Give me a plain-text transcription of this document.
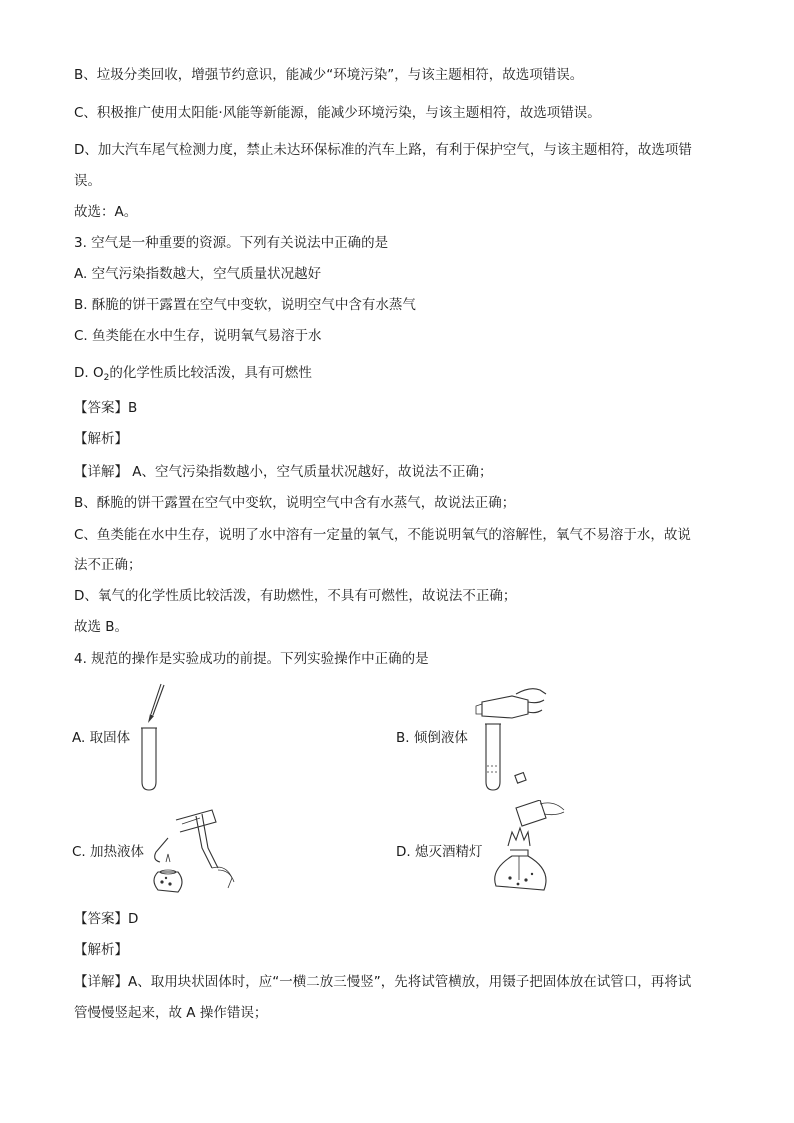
B、垃圾分类回收，增强节约意识，能减少“环境污染”，与该主题相符，故选项错误。
C、积极推广使用太阳能·风能等新能源，能减少环境污染，与该主题相符，故选项错误。
D、加大汽车尾气检测力度，禁止未达环保标准的汽车上路，有利于保护空气，与该主题相符，故选项错
误。
故选：A。
3. 空气是一种重要的资源。下列有关说法中正确的是
A. 空气污染指数越大，空气质量状况越好
B. 酥脆的饼干露置在空气中变软，说明空气中含有水蒸气
C. 鱼类能在水中生存，说明氧气易溶于水
D. $O_2$的化学性质比较活泼，具有可燃性
【答案】B
【解析】
【详解】 A、空气污染指数越小，空气质量状况越好，故说法不正确；
B、酥脆的饼干露置在空气中变软，说明空气中含有水蒸气，故说法正确；
C、鱼类能在水中生存，说明了水中溶有一定量的氧气，不能说明氧气的溶解性，氧气不易溶于水，故说
法不正确；
D、氧气的化学性质比较活泼，有助燃性，不具有可燃性，故说法不正确；
故选 B。
4. 规范的操作是实验成功的前提。下列实验操作中正确的是
A. 取固体	B. 倾倒液体
C. 加热液体	D. 熄灭酒精灯
【答案】D
【解析】
【详解】A、取用块状固体时，应“一横二放三慢竖”，先将试管横放，用镊子把固体放在试管口，再将试
管慢慢竖起来，故 A 操作错误；
